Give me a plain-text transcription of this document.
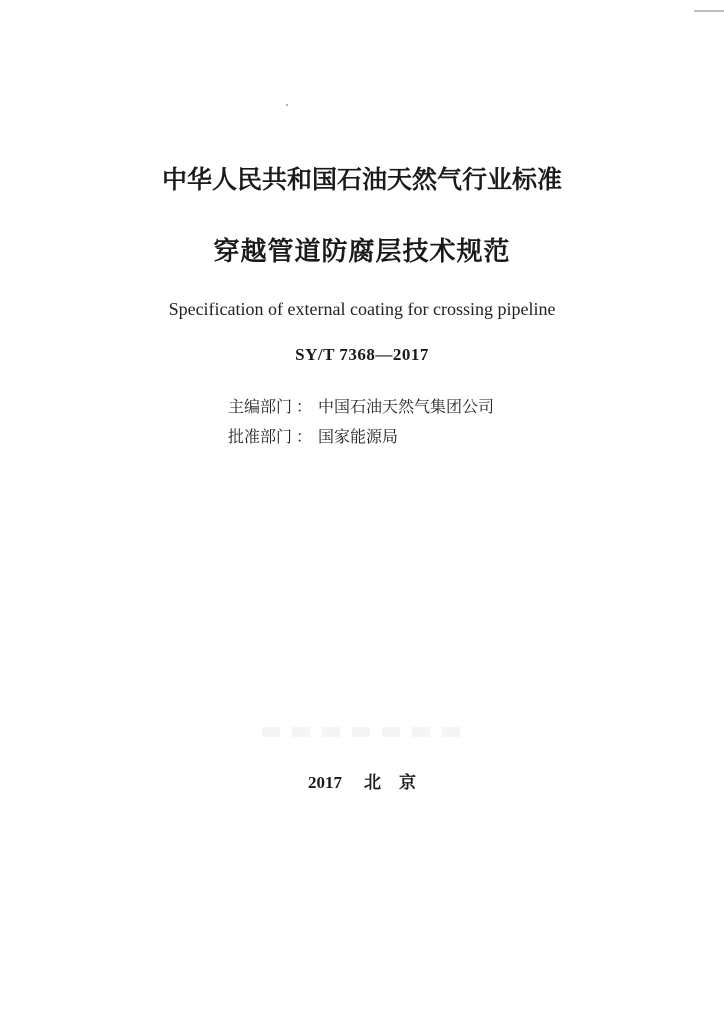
中华人民共和国石油天然气行业标准
穿越管道防腐层技术规范
Specification of external coating for crossing pipeline
SY/T 7368—2017
主编部门 ： 中国石油天然气集团公司
批准部门 ： 国家能源局
2017 北 京
